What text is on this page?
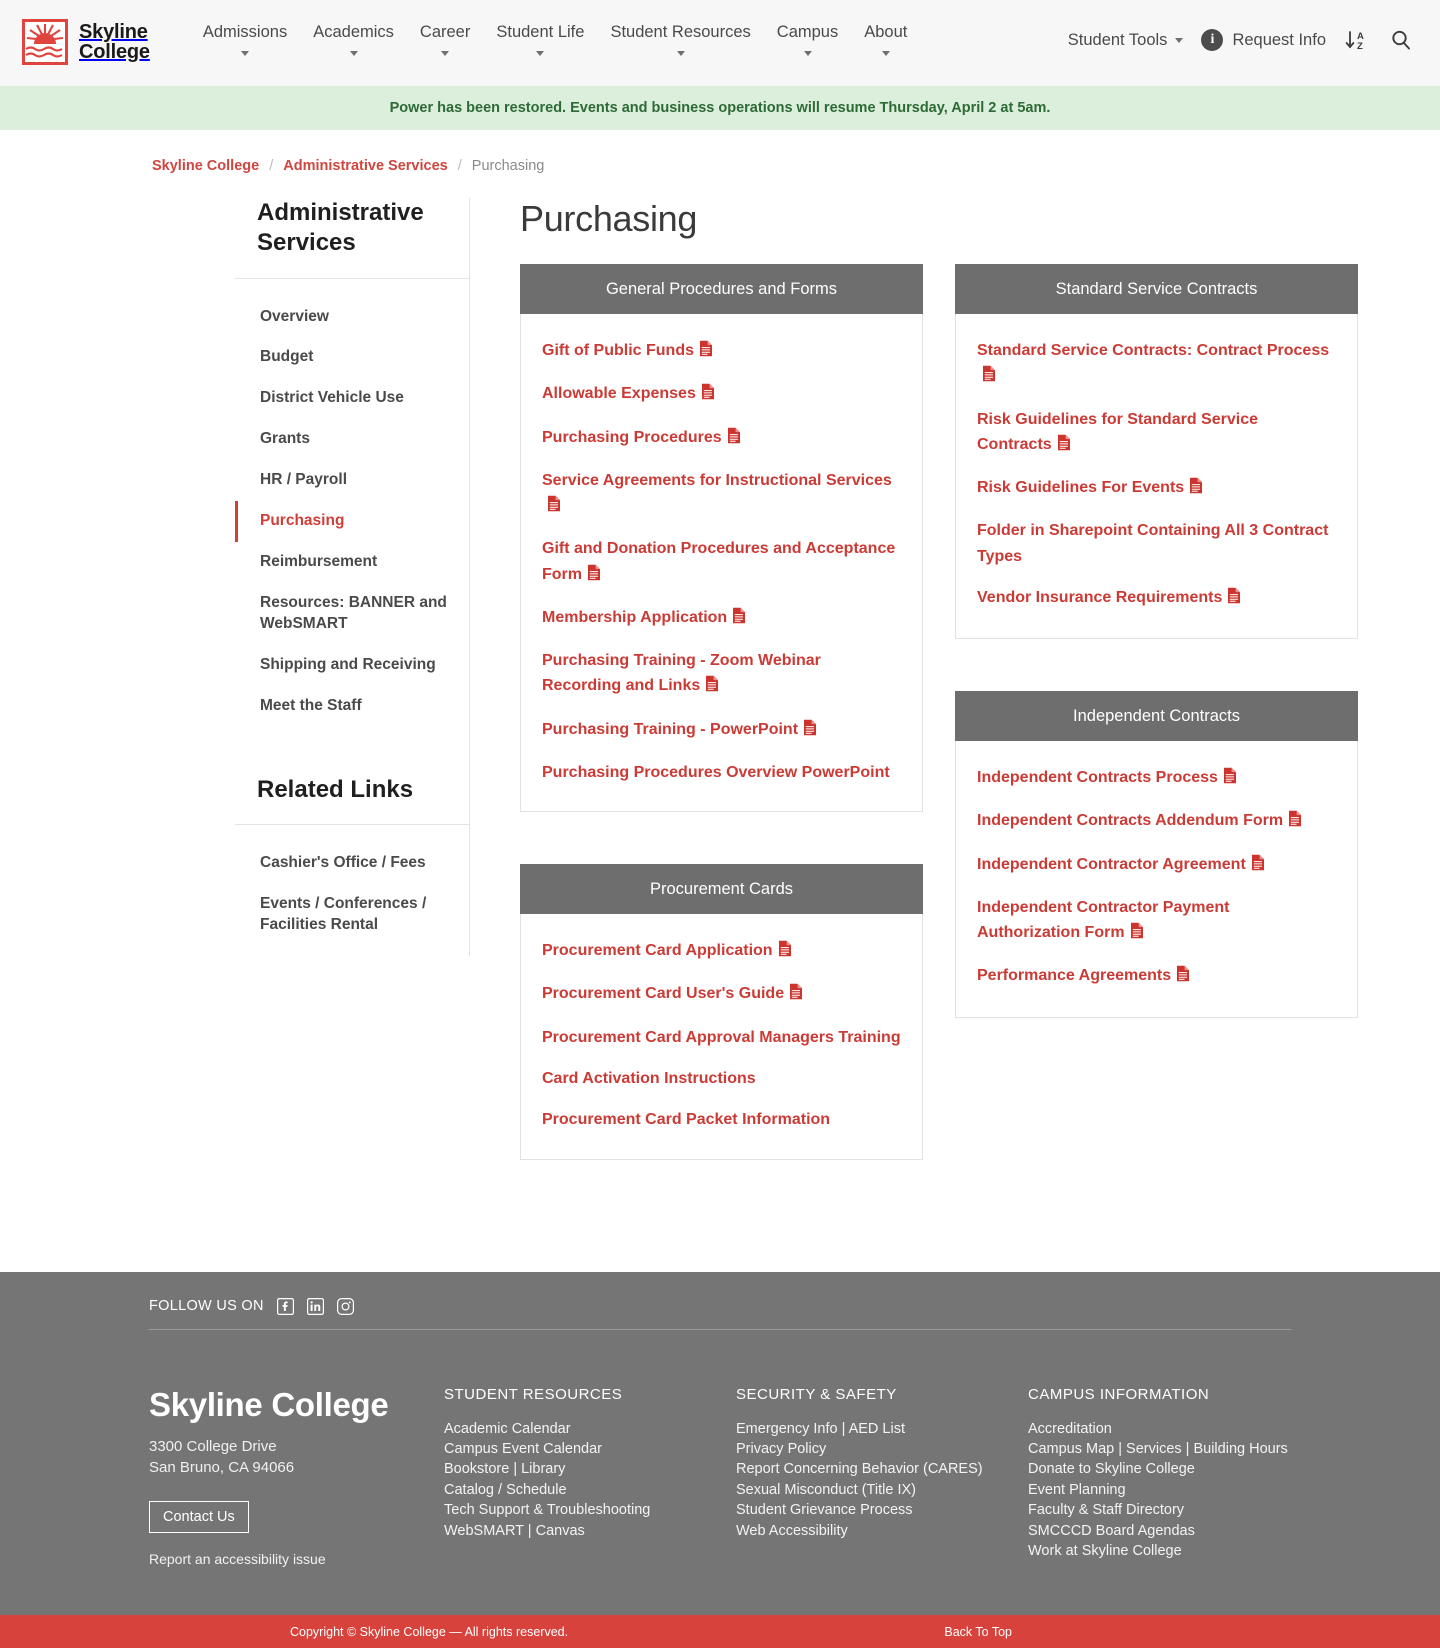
Skyline
College
Admissions Academics Career Student Life Student Resources Campus About	Student Tools	i	Request Info	A
Z
Power has been restored. Events and business operations will resume Thursday, April 2 at 5am.
Skyline College / Administrative Services / Purchasing
Administrative Services
Overview
Budget
District Vehicle Use
Grants
HR / Payroll
Purchasing
Reimbursement
Resources: BANNER and WebSMART
Shipping and Receiving
Meet the Staff
Related Links
Cashier's Office / Fees
Events / Conferences / Facilities Rental
Purchasing
General Procedures and Forms
Gift of Public Funds
Allowable Expenses
Purchasing Procedures
Service Agreements for Instructional Services
Gift and Donation Procedures and Acceptance Form
Membership Application
Purchasing Training - Zoom Webinar Recording and Links
Purchasing Training - PowerPoint
Purchasing Procedures Overview PowerPoint
Procurement Cards
Procurement Card Application
Procurement Card User's Guide
Procurement Card Approval Managers Training
Card Activation Instructions
Procurement Card Packet Information
Standard Service Contracts
Standard Service Contracts: Contract Process
Risk Guidelines for Standard Service Contracts
Risk Guidelines For Events
Folder in Sharepoint Containing All 3 Contract Types
Vendor Insurance Requirements
Independent Contracts
Independent Contracts Process
Independent Contracts Addendum Form
Independent Contractor Agreement
Independent Contractor Payment Authorization Form
Performance Agreements
FOLLOW US ON
Skyline College

3300 College Drive

San Bruno, CA 94066

Contact Us
Report an accessibility issue
STUDENT RESOURCES
Academic Calendar
Campus Event Calendar
Bookstore | Library
Catalog / Schedule
Tech Support & Troubleshooting
WebSMART | Canvas
SECURITY & SAFETY
Emergency Info | AED List
Privacy Policy
Report Concerning Behavior (CARES)
Sexual Misconduct (Title IX)
Student Grievance Process
Web Accessibility
CAMPUS INFORMATION
Accreditation
Campus Map | Services | Building Hours
Donate to Skyline College
Event Planning
Faculty & Staff Directory
SMCCCD Board Agendas
Work at Skyline College
Copyright © Skyline College — All rights reserved.	Back To Top
